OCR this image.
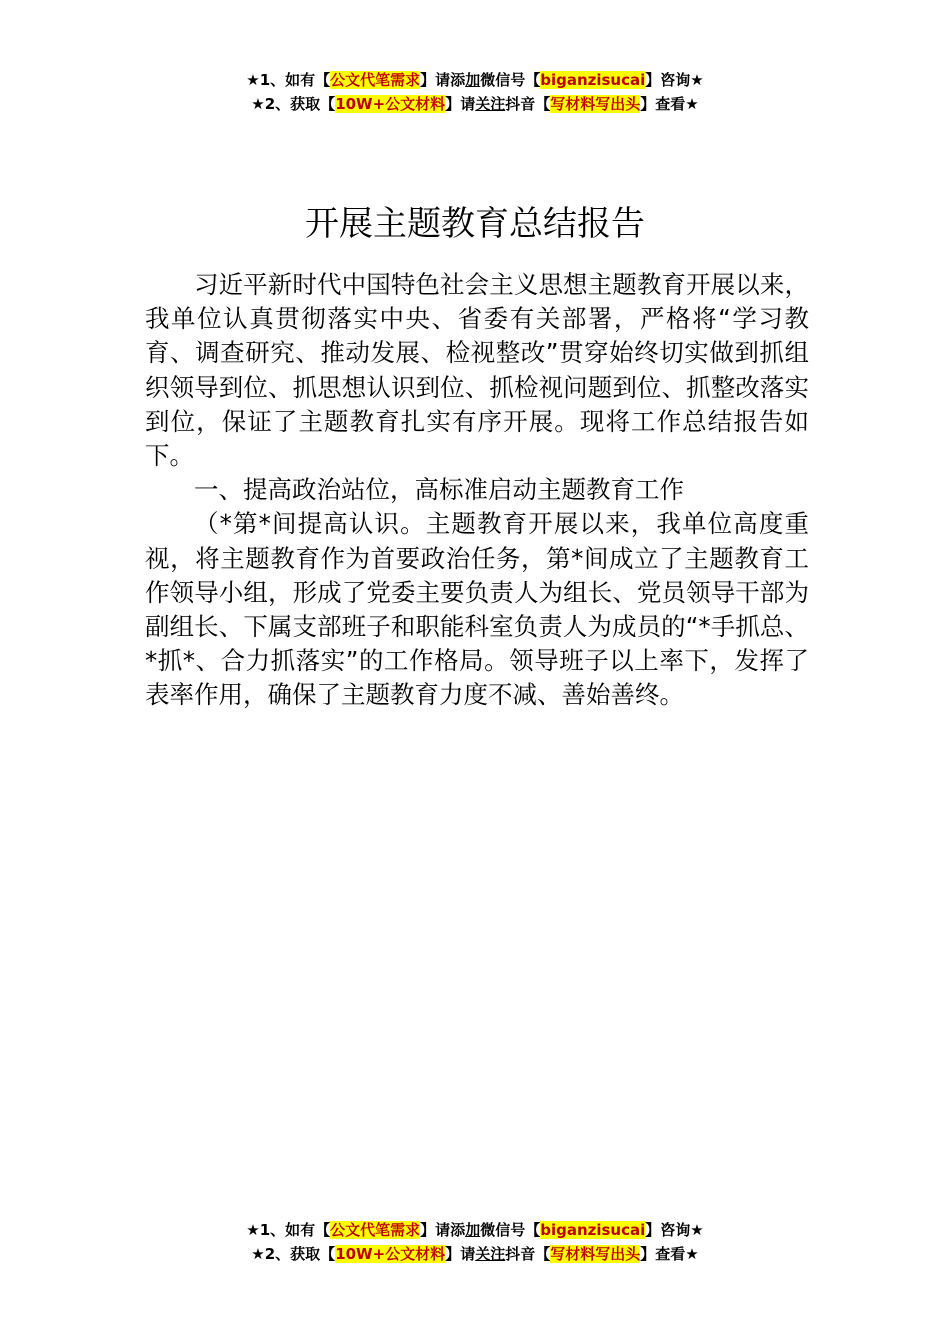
★1、如有【公文代笔需求】请添加微信号【biganzisucai】咨询★
★2、获取【10W+公文材料】请关注抖音【写材料写出头】查看★
开展主题教育总结报告

习近平新时代中国特色社会主义思想主题教育开展以来，我单位认真贯彻落实中央、省委有关部署，严格将“学习教育、调查研究、推动发展、检视整改”贯穿始终切实做到抓组织领导到位、抓思想认识到位、抓检视问题到位、抓整改落实到位，保证了主题教育扎实有序开展。现将工作总结报告如下。

一、提高政治站位，高标准启动主题教育工作

（*第*间提高认识。主题教育开展以来，我单位高度重视，将主题教育作为首要政治任务，第*间成立了主题教育工作领导小组，形成了党委主要负责人为组长、党员领导干部为副组长、下属支部班子和职能科室负责人为成员的“*手抓总、*抓*、合力抓落实”的工作格局。领导班子以上率下，发挥了表率作用，确保了主题教育力度不减、善始善终。

★1、如有【公文代笔需求】请添加微信号【biganzisucai】咨询★
★2、获取【10W+公文材料】请关注抖音【写材料写出头】查看★
